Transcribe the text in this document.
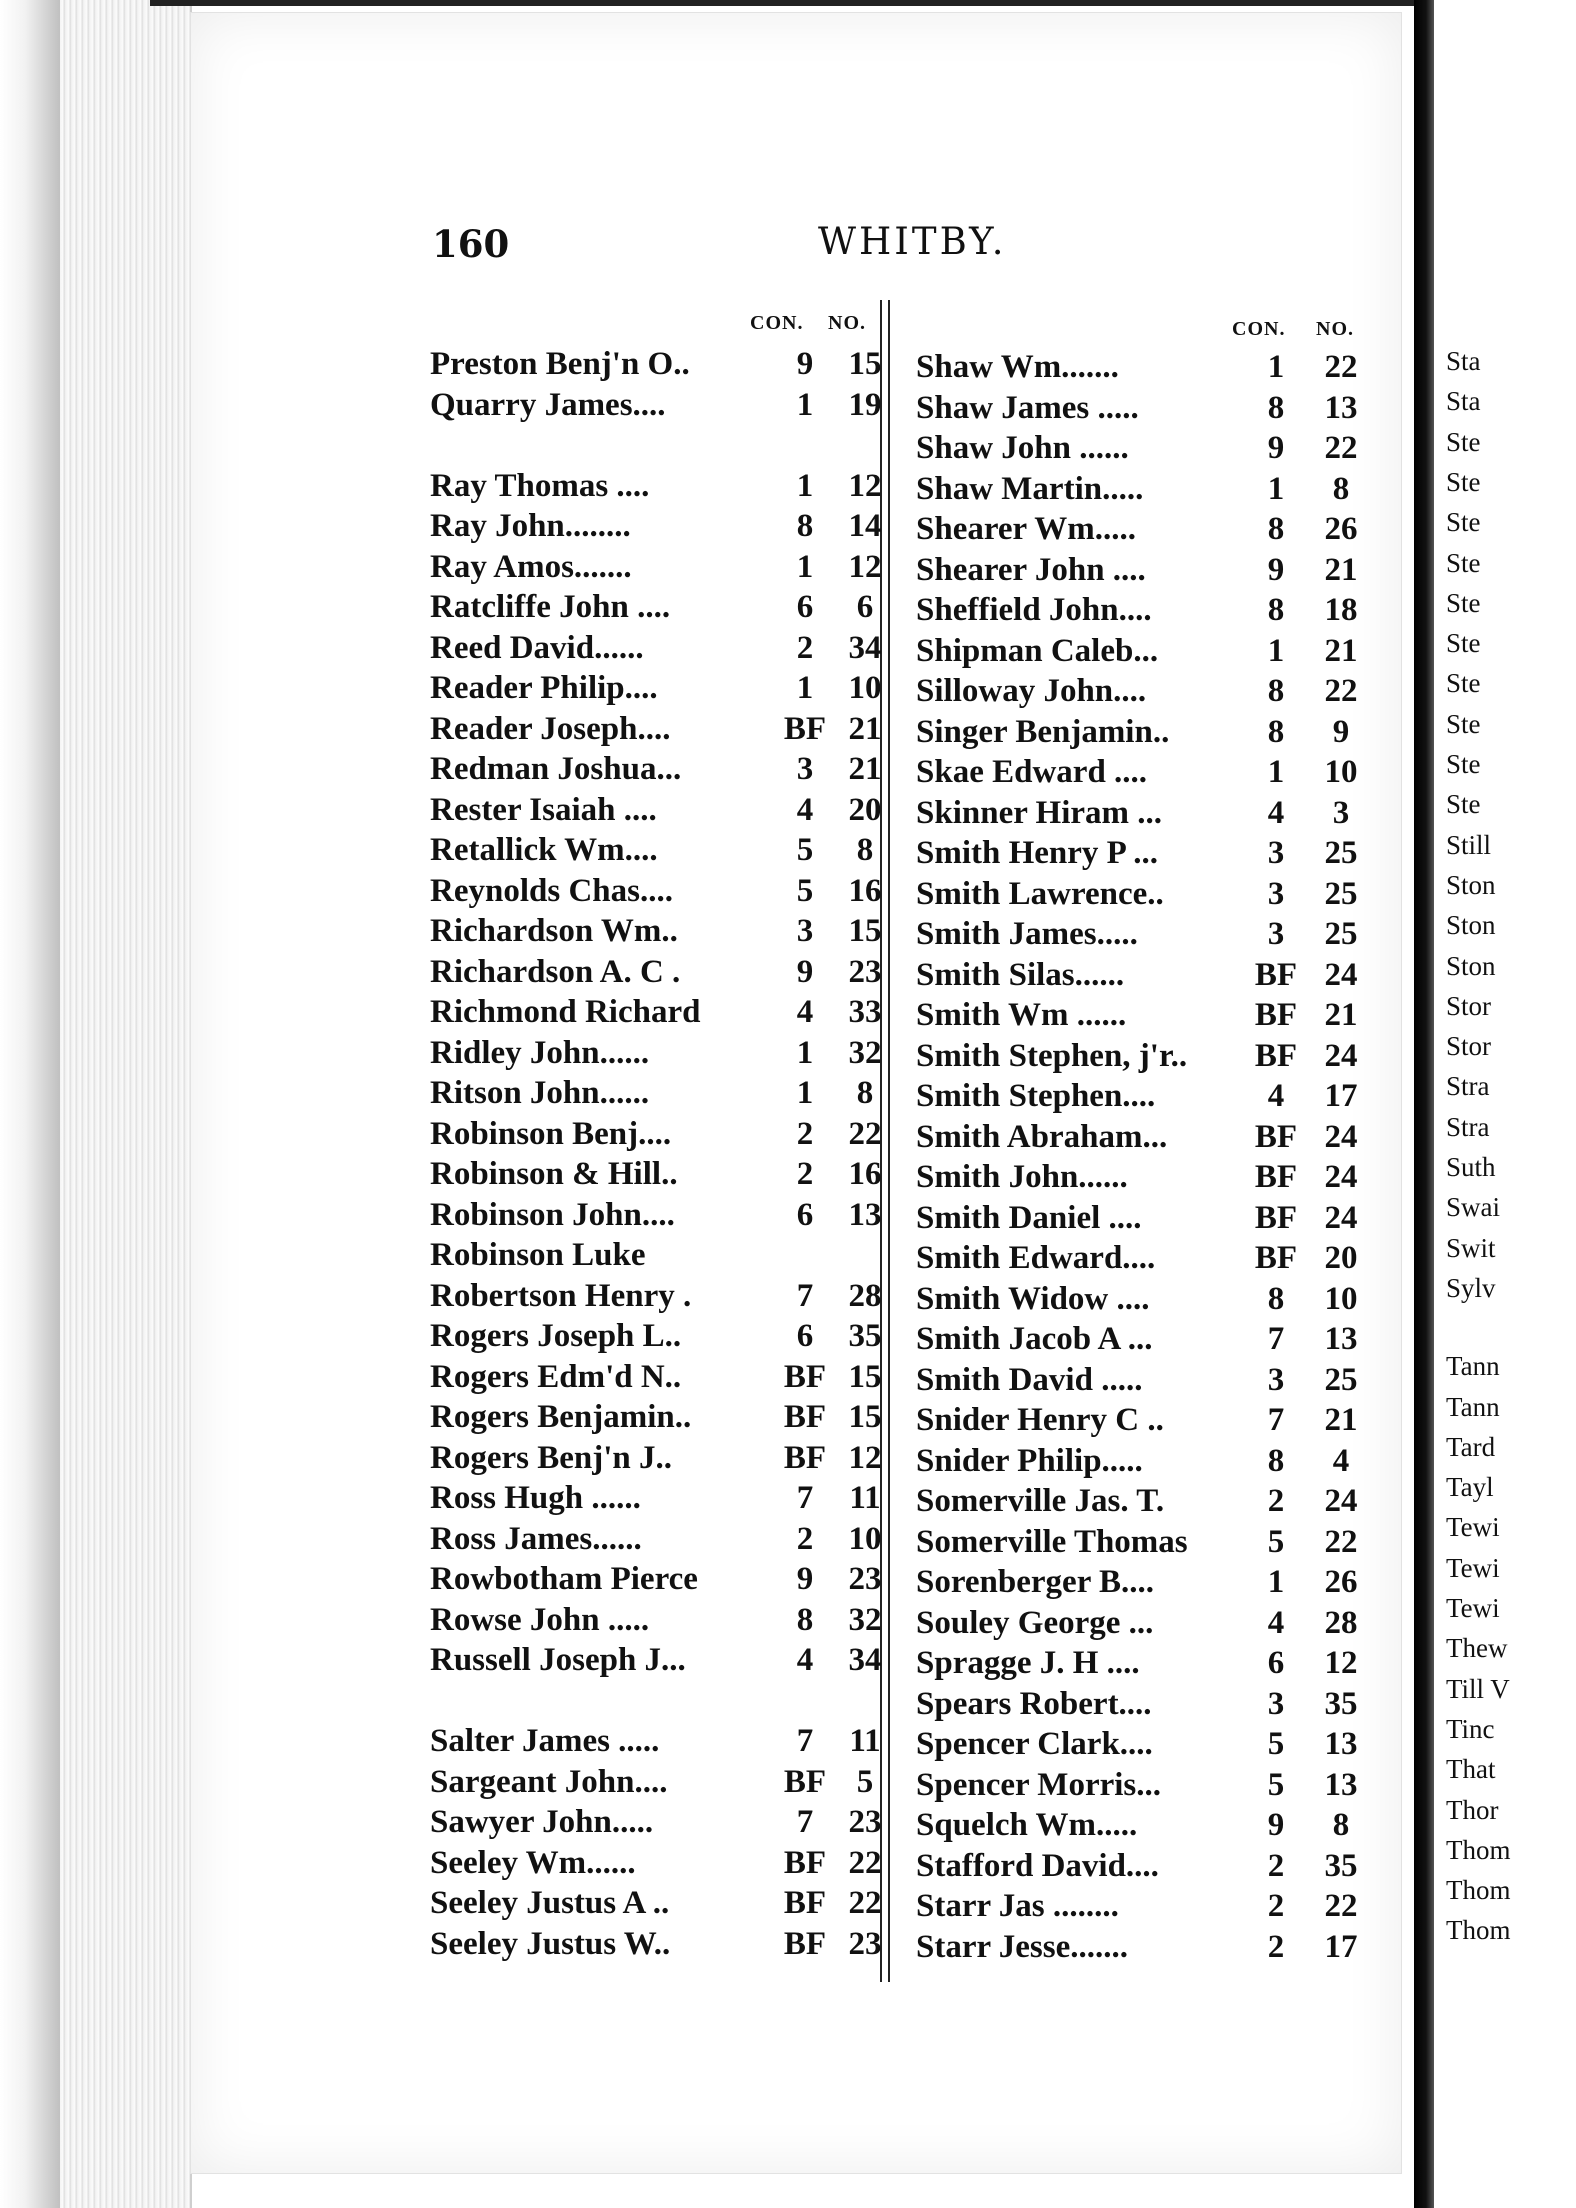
Sta
Sta
Ste
Ste
Ste
Ste
Ste
Ste
Ste
Ste
Ste
Ste
Still
Ston
Ston
Ston
Stor
Stor
Stra
Stra
Suth
Swai
Swit
Sylv
Tann
Tann
Tard
Tayl
Tewi
Tewi
Tewi
Thew
Till V
Tinc
That
Thor
Thom
Thom
Thom
160	WHITBY.
CON. NO.	CON. NO.
Preston Benj'n O..	9	15
Quarry James....	1	19
Ray Thomas ....	1	12
Ray John........	8	14
Ray Amos.......	1	12
Ratcliffe John ....	6	6
Reed David......	2	34
Reader Philip....	1	10
Reader Joseph....	BF 21
Redman Joshua...	3	21
Rester Isaiah ....	4	20
Retallick Wm....	5	8
Reynolds Chas....	5	16
Richardson Wm..	3	15
Richardson A. C .	9	23
Richmond Richard	4	33
Ridley John......	1	32
Ritson John......	1	8
Robinson Benj....	2	22
Robinson & Hill..	2	16
Robinson John....	6	13
Robinson Luke
Robertson Henry .	7	28
Rogers Joseph L..	6	35
Rogers Edm'd N..	BF 15
Rogers Benjamin..	BF 15
Rogers Benj'n J..	BF 12
Ross Hugh ......	7	11
Ross James......	2	10
Rowbotham Pierce	9	23
Rowse John .....	8	32
Russell Joseph J...	4	34
Salter James .....	7	11
Sargeant John....	BF 5
Sawyer John.....	7	23
Seeley Wm......	BF 22
Seeley Justus A ..	BF 22
Seeley Justus W..	BF 23
Shaw Wm.......	1	22
Shaw James .....	8	13
Shaw John ......	9	22
Shaw Martin.....	1	8
Shearer Wm.....	8	26
Shearer John ....	9	21
Sheffield John....	8	18
Shipman Caleb...	1	21
Silloway John....	8	22
Singer Benjamin..	8	9
Skae Edward ....	1	10
Skinner Hiram ...	4	3
Smith Henry P ...	3	25
Smith Lawrence..	3	25
Smith James.....	3	25
Smith Silas......	BF 24
Smith Wm ......	BF 21
Smith Stephen, j'r.. BF 24
Smith Stephen....	4	17
Smith Abraham...	BF 24
Smith John......	BF 24
Smith Daniel ....	BF 24
Smith Edward....	BF 20
Smith Widow ....	8	10
Smith Jacob A ...	7	13
Smith David .....	3	25
Snider Henry C ..	7	21
Snider Philip.....	8	4
Somerville Jas. T.	2	24
Somerville Thomas	5	22
Sorenberger B....	1	26
Souley George ...	4	28
Spragge J. H ....	6	12
Spears Robert....	3	35
Spencer Clark....	5	13
Spencer Morris...	5	13
Squelch Wm.....	9	8
Stafford David....	2	35
Starr Jas ........	2	22
Starr Jesse.......	2	17
